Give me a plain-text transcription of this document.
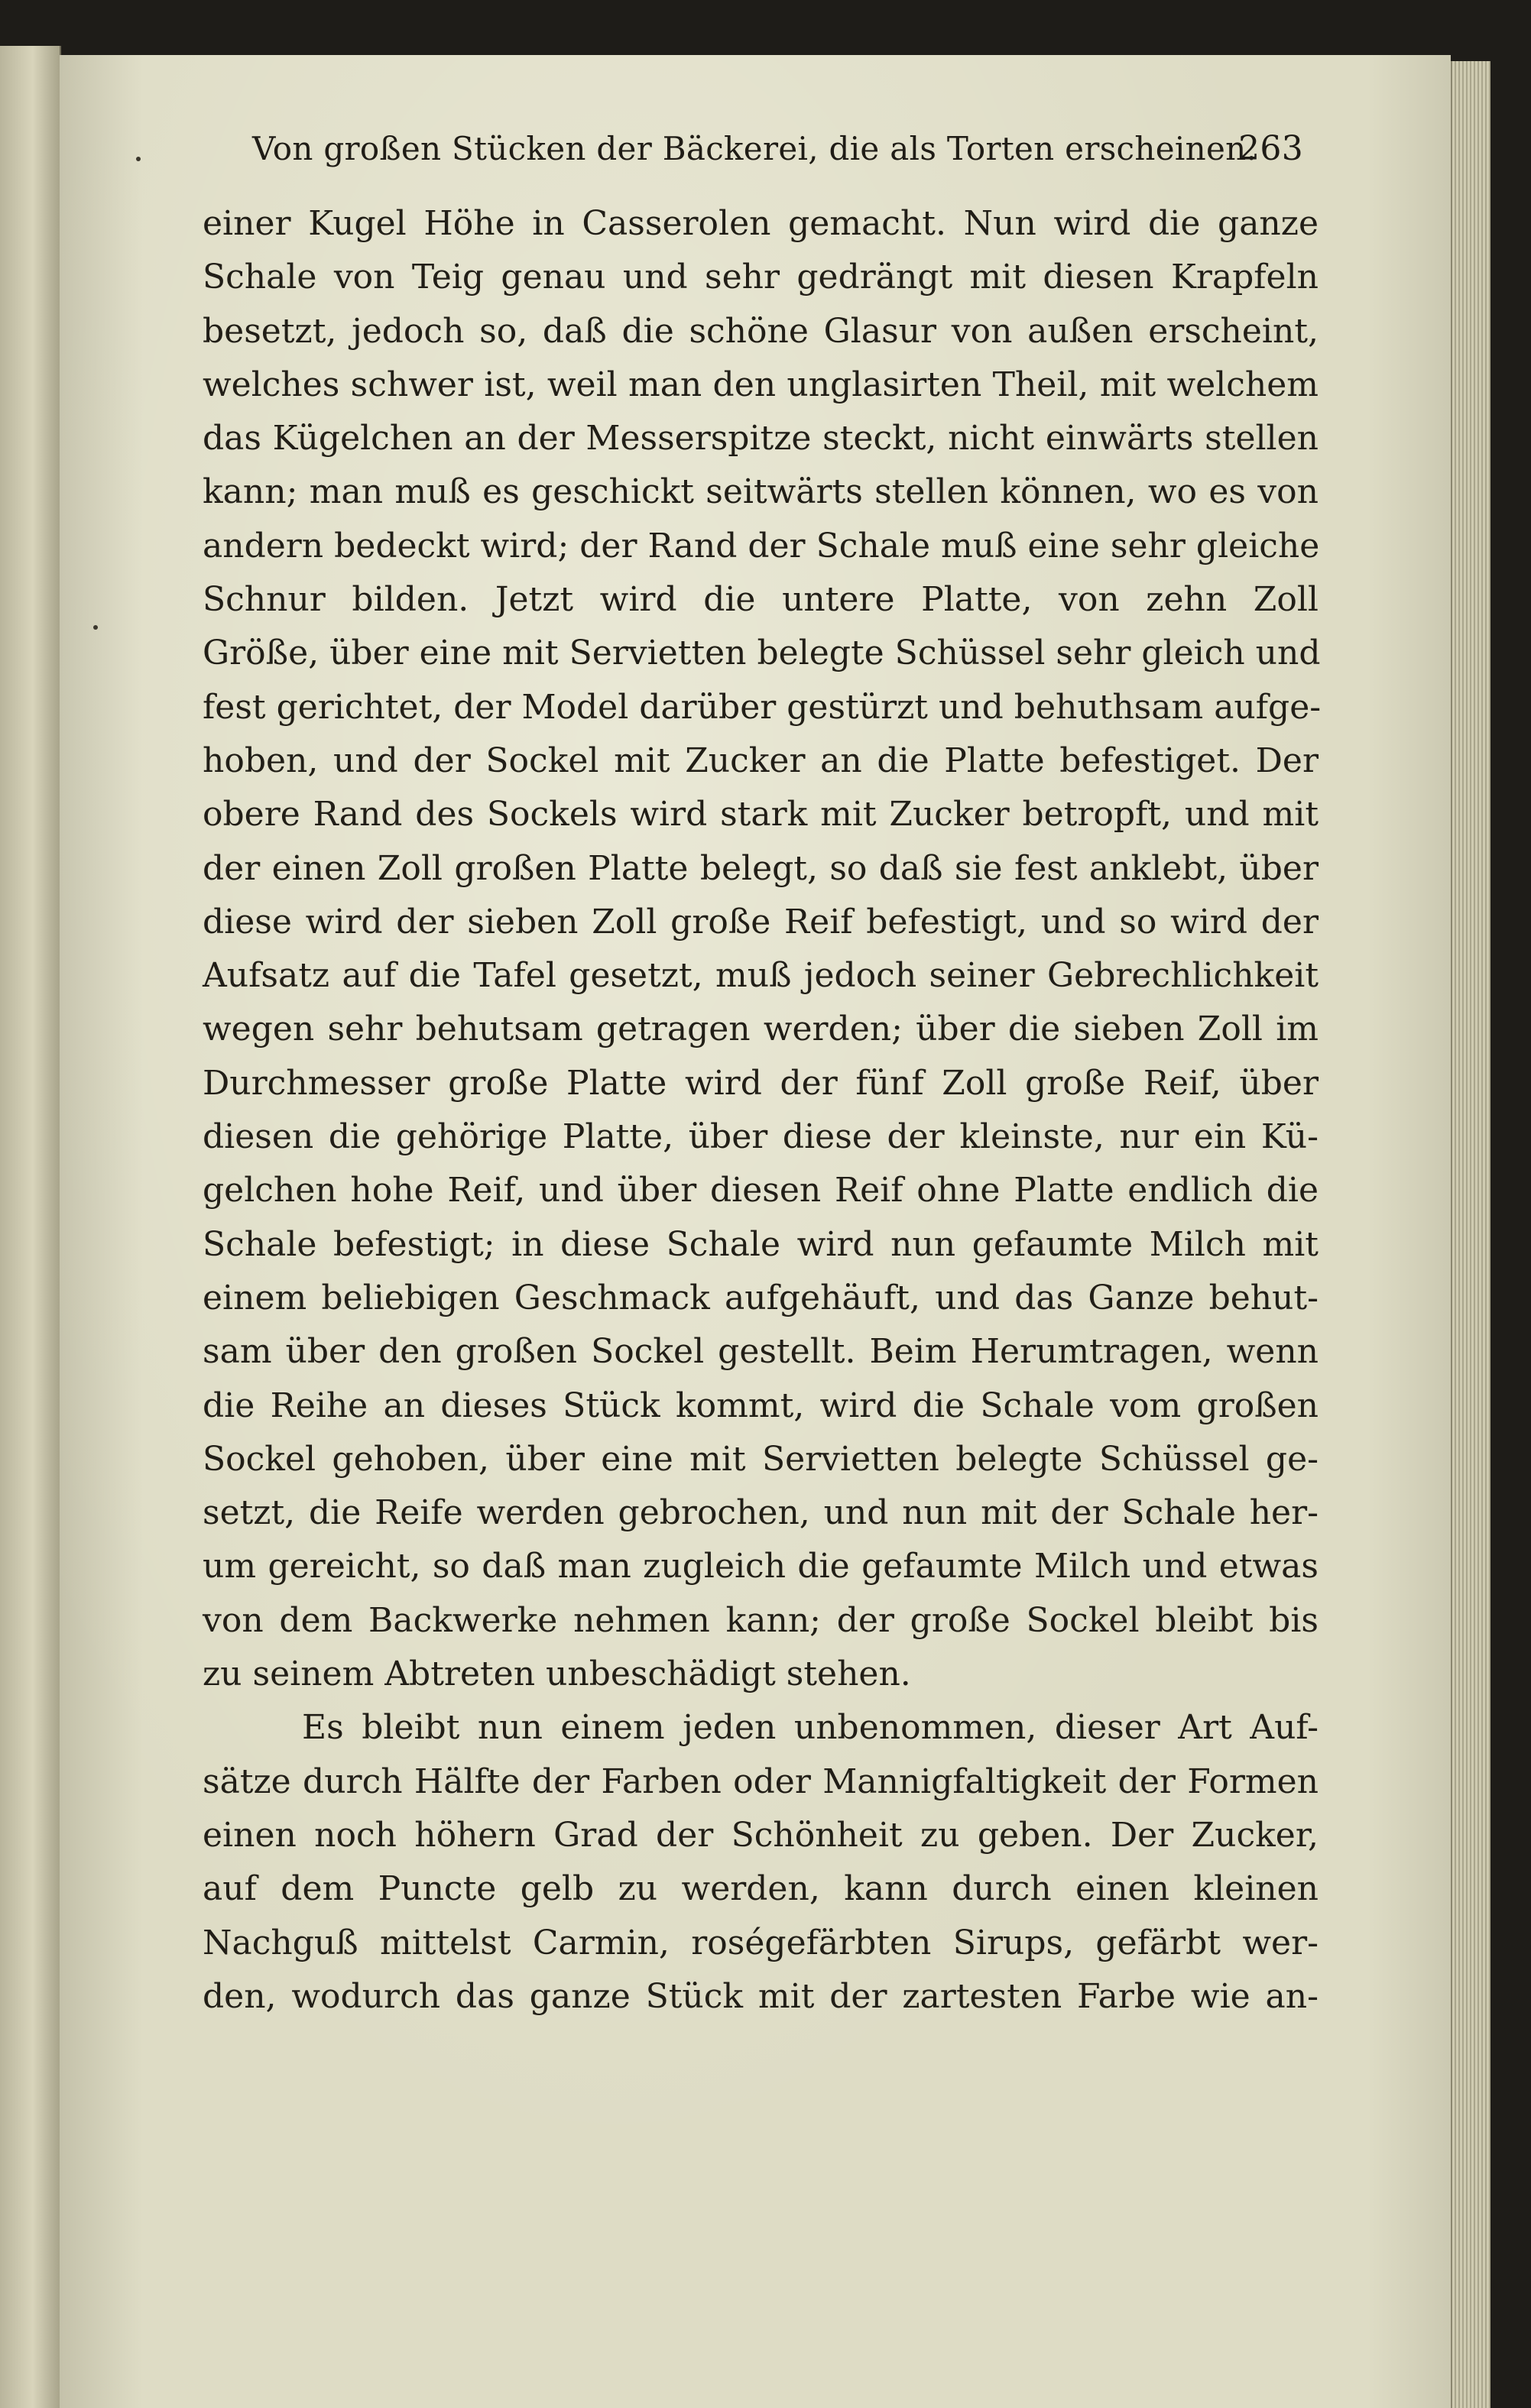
Von großen Stücken der Bäckerei, die als Torten erscheinen.
263
einer Kugel Höhe in Casserolen gemacht. Nun wird die ganze
Schale von Teig genau und sehr gedrängt mit diesen Krapfeln
besetzt, jedoch so, daß die schöne Glasur von außen erscheint,
welches schwer ist, weil man den unglasirten Theil, mit welchem
das Kügelchen an der Messerspitze steckt, nicht einwärts stellen
kann; man muß es geschickt seitwärts stellen können, wo es von
andern bedeckt wird; der Rand der Schale muß eine sehr gleiche
Schnur bilden. Jetzt wird die untere Platte, von zehn Zoll
Größe, über eine mit Servietten belegte Schüssel sehr gleich und
fest gerichtet, der Model darüber gestürzt und behuthsam aufge-
hoben, und der Sockel mit Zucker an die Platte befestiget. Der
obere Rand des Sockels wird stark mit Zucker betropft, und mit
der einen Zoll großen Platte belegt, so daß sie fest anklebt, über
diese wird der sieben Zoll große Reif befestigt, und so wird der
Aufsatz auf die Tafel gesetzt, muß jedoch seiner Gebrechlichkeit
wegen sehr behutsam getragen werden; über die sieben Zoll im
Durchmesser große Platte wird der fünf Zoll große Reif, über
diesen die gehörige Platte, über diese der kleinste, nur ein Kü-
gelchen hohe Reif, und über diesen Reif ohne Platte endlich die
Schale befestigt; in diese Schale wird nun gefaumte Milch mit
einem beliebigen Geschmack aufgehäuft, und das Ganze behut-
sam über den großen Sockel gestellt. Beim Herumtragen, wenn
die Reihe an dieses Stück kommt, wird die Schale vom großen
Sockel gehoben, über eine mit Servietten belegte Schüssel ge-
setzt, die Reife werden gebrochen, und nun mit der Schale her-
um gereicht, so daß man zugleich die gefaumte Milch und etwas
von dem Backwerke nehmen kann; der große Sockel bleibt bis
zu seinem Abtreten unbeschädigt stehen.
Es bleibt nun einem jeden unbenommen, dieser Art Auf-
sätze durch Hälfte der Farben oder Mannigfaltigkeit der Formen
einen noch höhern Grad der Schönheit zu geben. Der Zucker,
auf dem Puncte gelb zu werden, kann durch einen kleinen
Nachguß mittelst Carmin, roségefärbten Sirups, gefärbt wer-
den, wodurch das ganze Stück mit der zartesten Farbe wie an-
